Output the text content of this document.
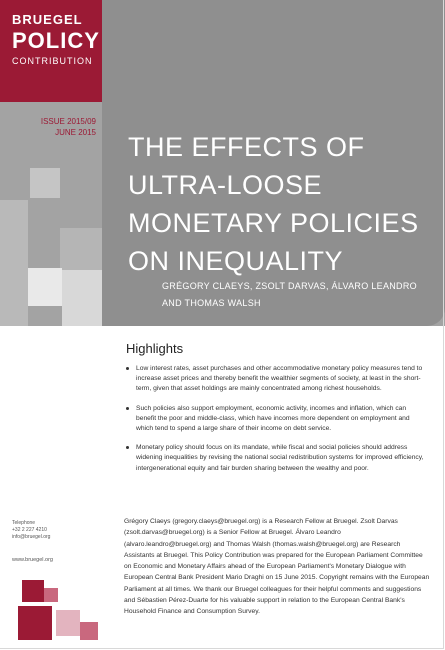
BRUEGEL
POLICY
CONTRIBUTION
ISSUE 2015/09
JUNE 2015 THE EFFECTS OF ULTRA-LOOSE MONETARY POLICIES ON INEQUALITY
GRÉGORY CLAEYS, ZSOLT DARVAS, ÁLVARO LEANDRO AND THOMAS WALSH
Highlights
Low interest rates, asset purchases and other accommodative monetary policy measures tend to increase asset prices and thereby benefit the wealthier segments of society, at least in the short-term, given that asset holdings are mainly concentrated among richest households.
Such policies also support employment, economic activity, incomes and inflation, which can benefit the poor and middle-class, which have incomes more dependent on employment and which tend to spend a large share of their income on debt service.
Monetary policy should focus on its mandate, while fiscal and social policies should address widening inequalities by revising the national social redistribution systems for improved efficiency, intergenerational equity and fair burden sharing between the wealthy and poor.

Grégory Claeys (gregory.claeys@bruegel.org) is a Research Fellow at Bruegel. Zsolt Darvas (zsolt.darvas@bruegel.org) is a Senior Fellow at Bruegel. Álvaro Leandro (alvaro.leandro@bruegel.org) and Thomas Walsh (thomas.walsh@bruegel.org) are Research Assistants at Bruegel. This Policy Contribution was prepared for the European Parliament Committee on Economic and Monetary Affairs ahead of the European Parliament's Monetary Dialogue with European Central Bank President Mario Draghi on 15 June 2015. Copyright remains with the European Parliament at all times. We thank our Bruegel colleagues for their helpful comments and suggestions and Sébastien Pérez-Duarte for his valuable support in relation to the European Central Bank's Household Finance and Consumption Survey.

Telephone
+32 2 227 4210
info@bruegel.org
www.bruegel.org
